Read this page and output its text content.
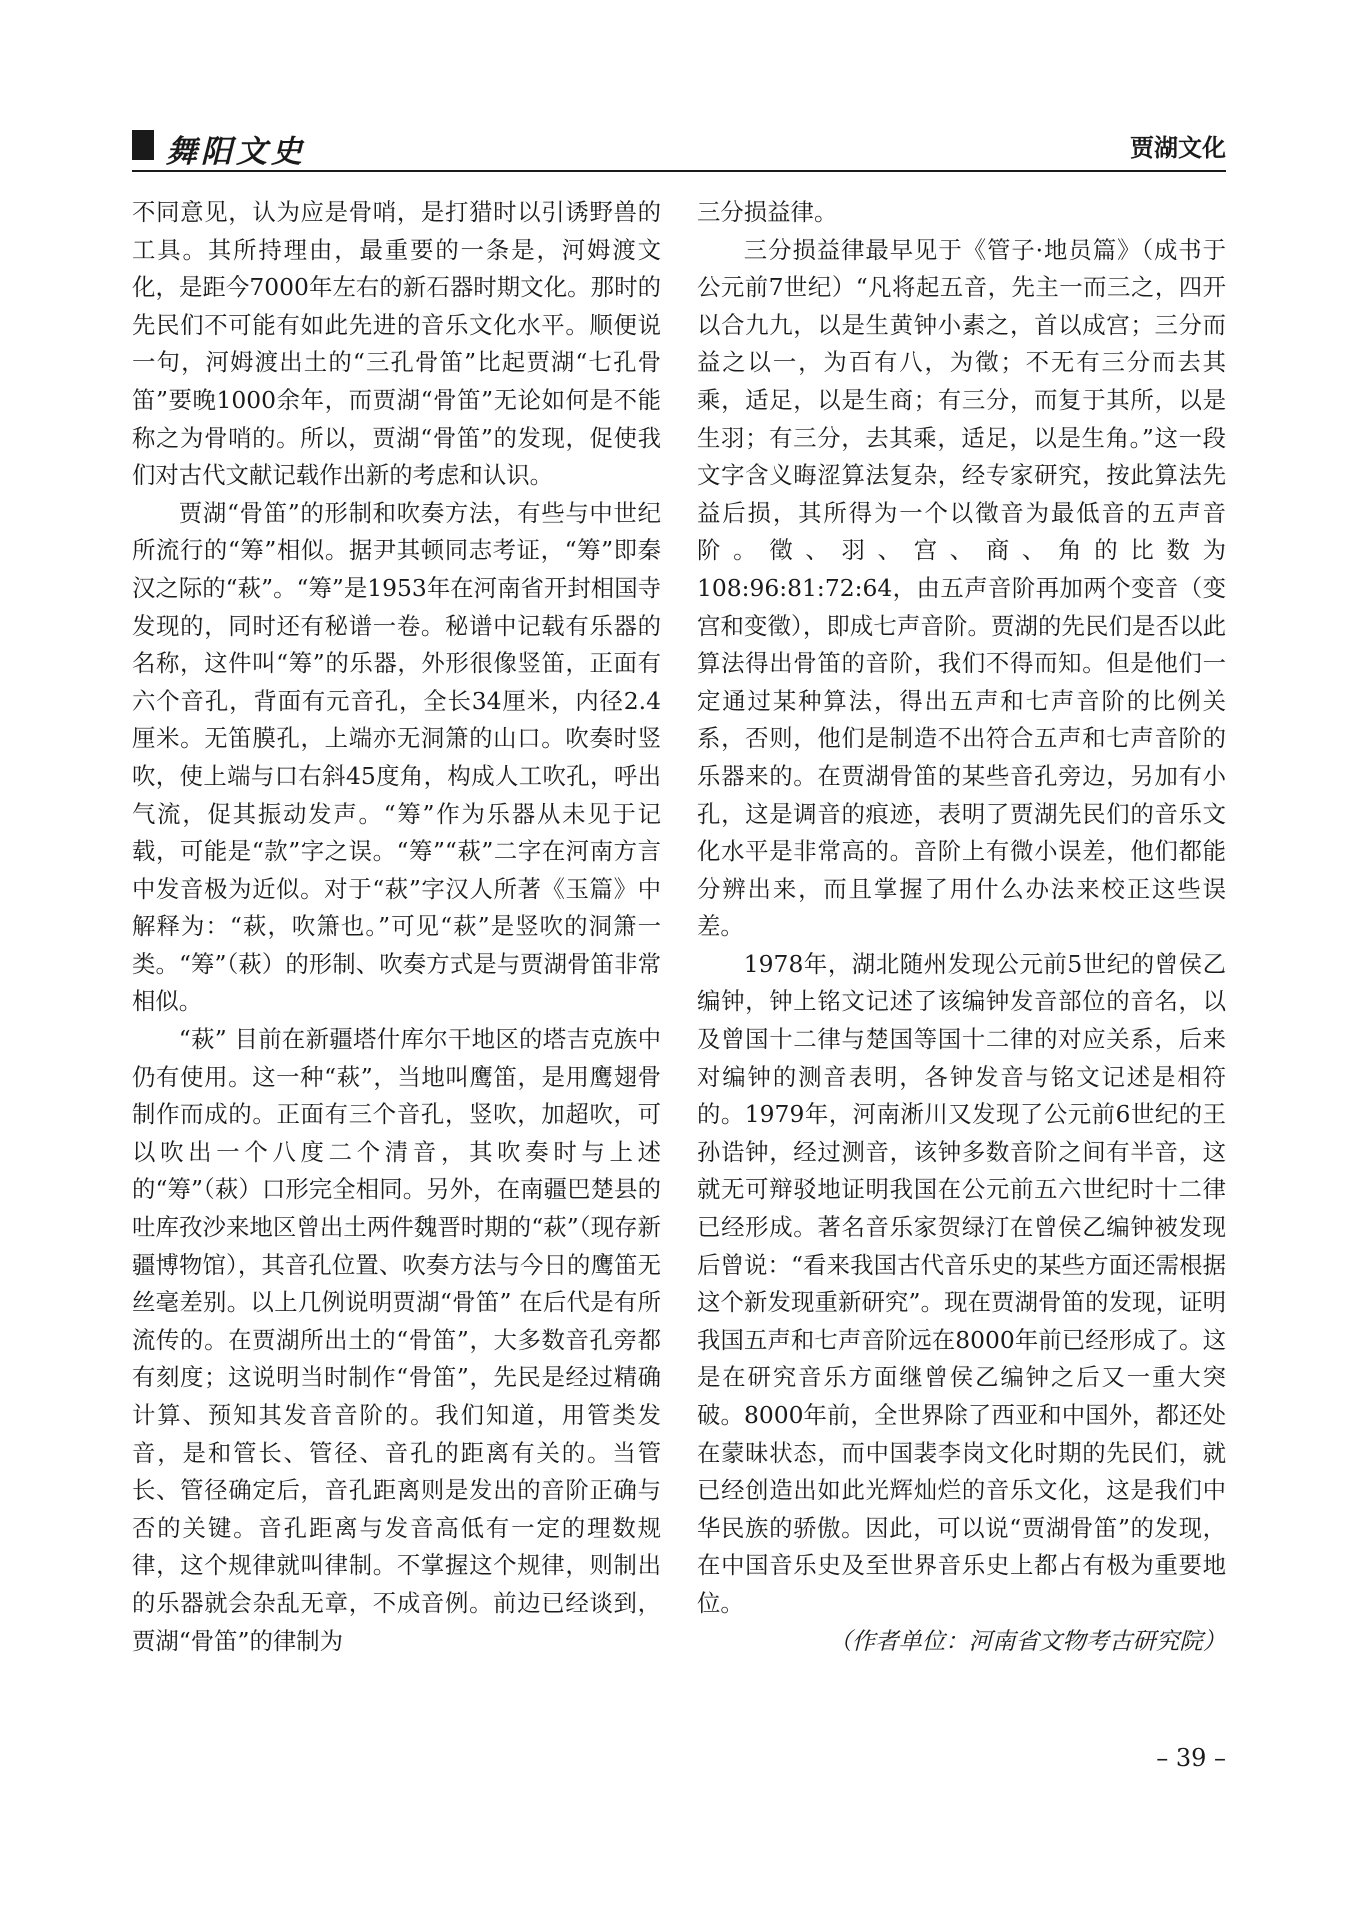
舞阳文史	贾湖文化

不同意见，认为应是骨哨，是打猎时以引诱野兽的工具。其所持理由，最重要的一条是，河姆渡文化，是距今7000年左右的新石器时期文化。那时的先民们不可能有如此先进的音乐文化水平。顺便说一句，河姆渡出土的“三孔骨笛”比起贾湖“七孔骨笛”要晚1000余年，而贾湖“骨笛”无论如何是不能称之为骨哨的。所以，贾湖“骨笛”的发现，促使我们对古代文献记载作出新的考虑和认识。

贾湖“骨笛”的形制和吹奏方法，有些与中世纪所流行的“筹”相似。据尹其顿同志考证，“筹”即秦汉之际的“萩”。“筹”是1953年在河南省开封相国寺发现的，同时还有秘谱一卷。秘谱中记载有乐器的名称，这件叫“筹”的乐器，外形很像竖笛，正面有六个音孔，背面有元音孔，全长34厘米，内径2.4厘米。无笛膜孔，上端亦无洞箫的山口。吹奏时竖吹，使上端与口右斜45度角，构成人工吹孔，呼出气流，促其振动发声。“筹”作为乐器从未见于记载，可能是“款”字之误。“筹”“萩”二字在河南方言中发音极为近似。对于“萩”字汉人所著《玉篇》中解释为：“萩，吹箫也。”可见“萩”是竖吹的洞箫一类。“筹”（萩）的形制、吹奏方式是与贾湖骨笛非常相似。

“萩” 目前在新疆塔什库尔干地区的塔吉克族中仍有使用。这一种“萩”，当地叫鹰笛，是用鹰翅骨制作而成的。正面有三个音孔，竖吹，加超吹，可以吹出一个八度二个清音，其吹奏时与上述的“筹”（萩）口形完全相同。另外，在南疆巴楚县的吐库孜沙来地区曾出土两件魏晋时期的“萩”（现存新疆博物馆），其音孔位置、吹奏方法与今日的鹰笛无丝毫差别。以上几例说明贾湖“骨笛” 在后代是有所流传的。在贾湖所出土的“骨笛”，大多数音孔旁都有刻度；这说明当时制作“骨笛”，先民是经过精确计算、预知其发音音阶的。我们知道，用管类发音，是和管长、管径、音孔的距离有关的。当管长、管径确定后，音孔距离则是发出的音阶正确与否的关键。音孔距离与发音高低有一定的理数规律，这个规律就叫律制。不掌握这个规律，则制出的乐器就会杂乱无章，不成音例。前边已经谈到，贾湖“骨笛”的律制为

三分损益律。

三分损益律最早见于《管子·地员篇》（成书于公元前7世纪）“凡将起五音，先主一而三之，四开以合九九，以是生黄钟小素之，首以成宫；三分而益之以一，为百有八，为徵；不无有三分而去其乘，适足，以是生商；有三分，而复于其所，以是生羽；有三分，去其乘，适足，以是生角。”这一段文字含义晦涩算法复杂，经专家研究，按此算法先益后损，其所得为一个以徵音为最低音的五声音阶。徵、羽、宫、商、角的比数为108:96:81:72:64，由五声音阶再加两个变音（变宫和变徵），即成七声音阶。贾湖的先民们是否以此算法得出骨笛的音阶，我们不得而知。但是他们一定通过某种算法，得出五声和七声音阶的比例关系，否则，他们是制造不出符合五声和七声音阶的乐器来的。在贾湖骨笛的某些音孔旁边，另加有小孔，这是调音的痕迹，表明了贾湖先民们的音乐文化水平是非常高的。音阶上有微小误差，他们都能分辨出来，而且掌握了用什么办法来校正这些误差。

1978年，湖北随州发现公元前5世纪的曾侯乙编钟，钟上铭文记述了该编钟发音部位的音名，以及曾国十二律与楚国等国十二律的对应关系，后来对编钟的测音表明，各钟发音与铭文记述是相符的。1979年，河南淅川又发现了公元前6世纪的王孙诰钟，经过测音，该钟多数音阶之间有半音，这就无可辩驳地证明我国在公元前五六世纪时十二律已经形成。著名音乐家贺绿汀在曾侯乙编钟被发现后曾说：“看来我国古代音乐史的某些方面还需根据这个新发现重新研究”。现在贾湖骨笛的发现，证明我国五声和七声音阶远在8000年前已经形成了。这是在研究音乐方面继曾侯乙编钟之后又一重大突破。8000年前，全世界除了西亚和中国外，都还处在蒙昧状态，而中国裴李岗文化时期的先民们，就已经创造出如此光辉灿烂的音乐文化，这是我们中华民族的骄傲。因此，可以说“贾湖骨笛”的发现，在中国音乐史及至世界音乐史上都占有极为重要地位。

（作者单位：河南省文物考古研究院）

– 39 –
